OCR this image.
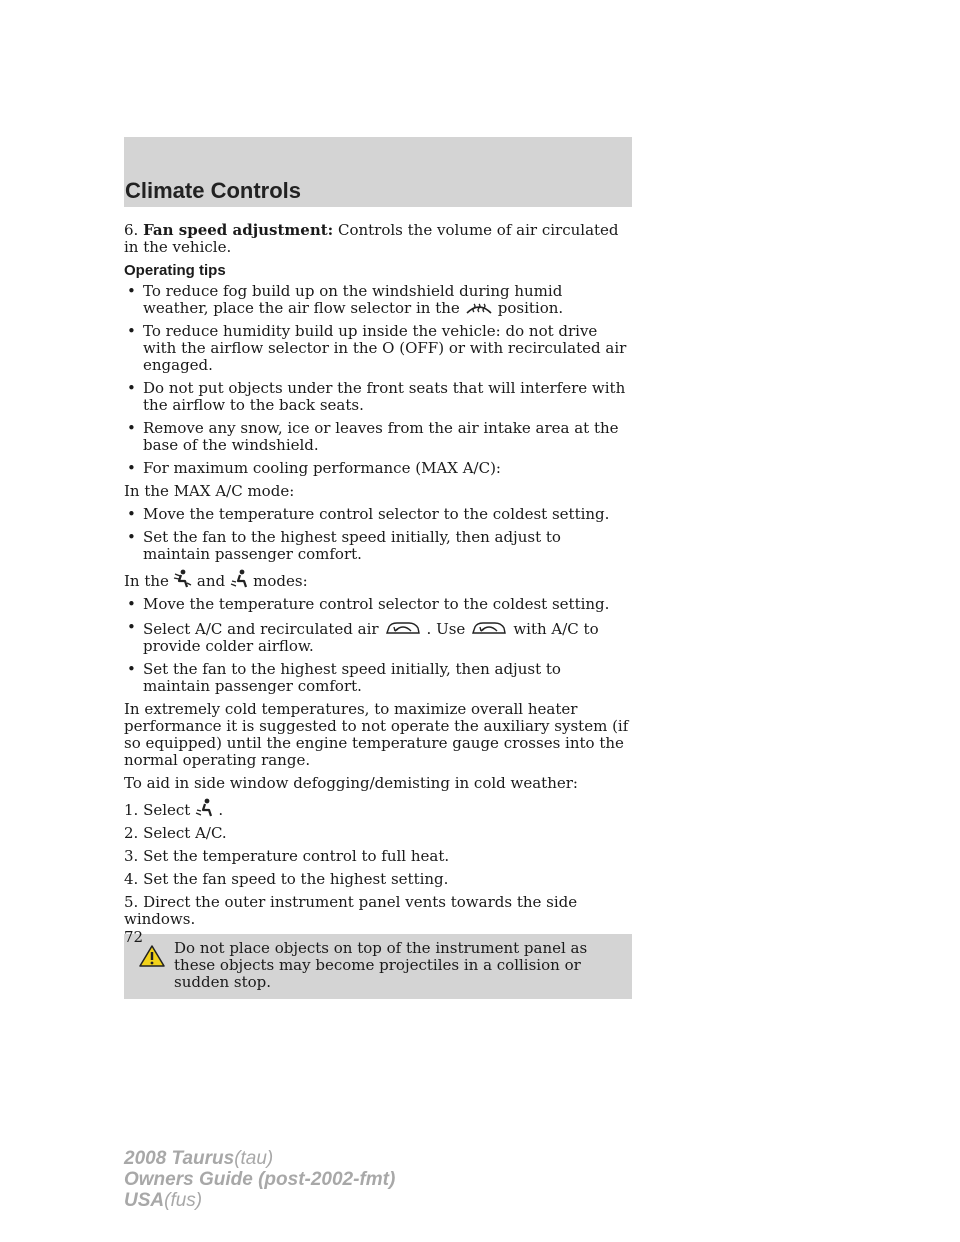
Climate Controls

6. Fan speed adjustment: Controls the volume of air circulated in the vehicle.

Operating tips
• To reduce fog build up on the windshield during humid weather, place the air flow selector in the	position.
• To reduce humidity build up inside the vehicle: do not drive with the airflow selector in the O (OFF) or with recirculated air engaged.
• Do not put objects under the front seats that will interfere with the airflow to the back seats.
• Remove any snow, ice or leaves from the air intake area at the base of the windshield.
• For maximum cooling performance (MAX A/C):

In the MAX A/C mode:

• Move the temperature control selector to the coldest setting.
• Set the fan to the highest speed initially, then adjust to maintain passenger comfort.

In the and modes:

• Move the temperature control selector to the coldest setting.
• Select A/C and recirculated air	. Use	with A/C to provide colder airflow.
• Set the fan to the highest speed initially, then adjust to maintain passenger comfort.

In extremely cold temperatures, to maximize overall heater performance it is suggested to not operate the auxiliary system (if so equipped) until the engine temperature gauge crosses into the normal operating range.

To aid in side window defogging/demisting in cold weather:

1. Select .

2. Select A/C.

3. Set the temperature control to full heat.

4. Set the fan speed to the highest setting.

5. Direct the outer instrument panel vents towards the side windows.

Do not place objects on top of the instrument panel as these objects may become projectiles in a collision or sudden stop.
72
2008 Taurus(tau)
Owners Guide (post-2002-fmt)
USA(fus)
